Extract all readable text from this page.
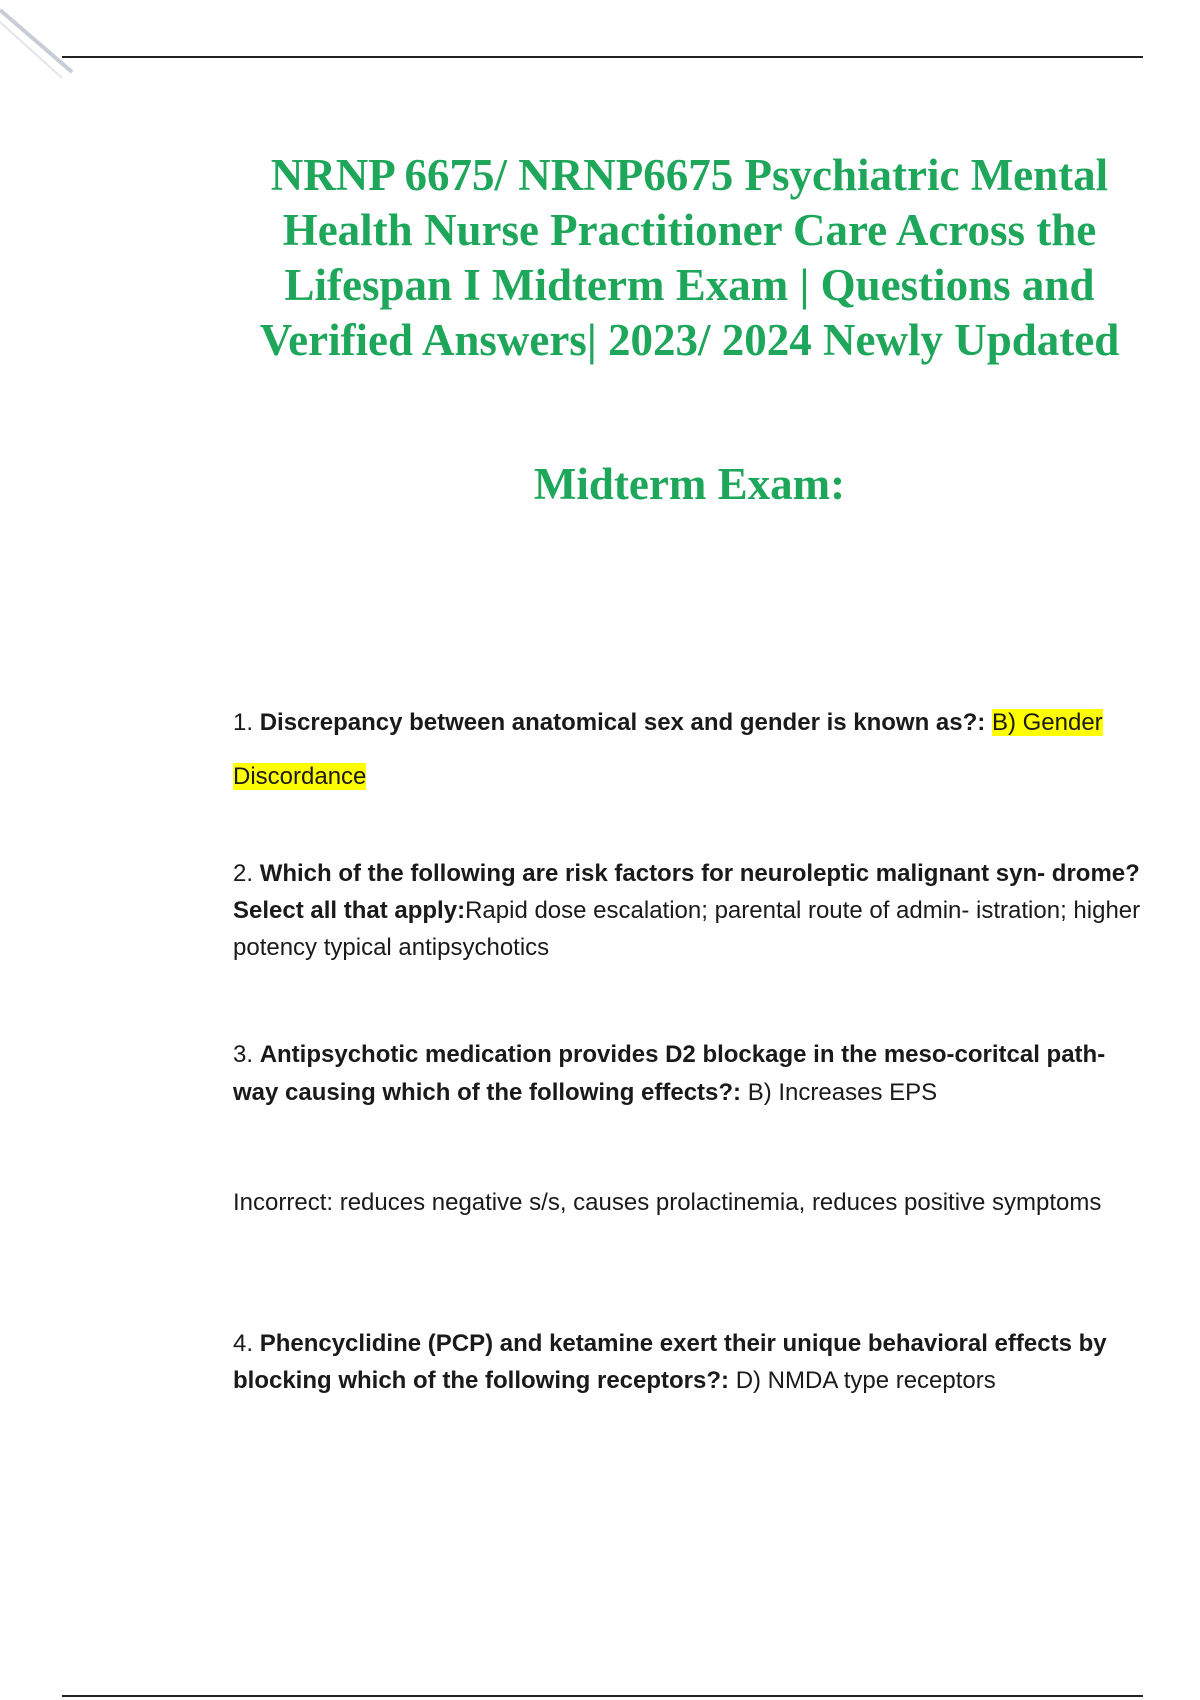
NRNP 6675/ NRNP6675 Psychiatric Mental Health Nurse Practitioner Care Across the Lifespan I Midterm Exam | Questions and Verified Answers| 2023/ 2024 Newly Updated
Midterm Exam:

1. Discrepancy between anatomical sex and gender is known as?: B) Gender Discordance

2. Which of the following are risk factors for neuroleptic malignant syn- drome? Select all that apply:Rapid dose escalation; parental route of admin- istration; higher potency typical antipsychotics

3. Antipsychotic medication provides D2 blockage in the meso-coritcal path- way causing which of the following effects?: B) Increases EPS

Incorrect: reduces negative s/s, causes prolactinemia, reduces positive symptoms

4. Phencyclidine (PCP) and ketamine exert their unique behavioral effects by blocking which of the following receptors?: D) NMDA type receptors
